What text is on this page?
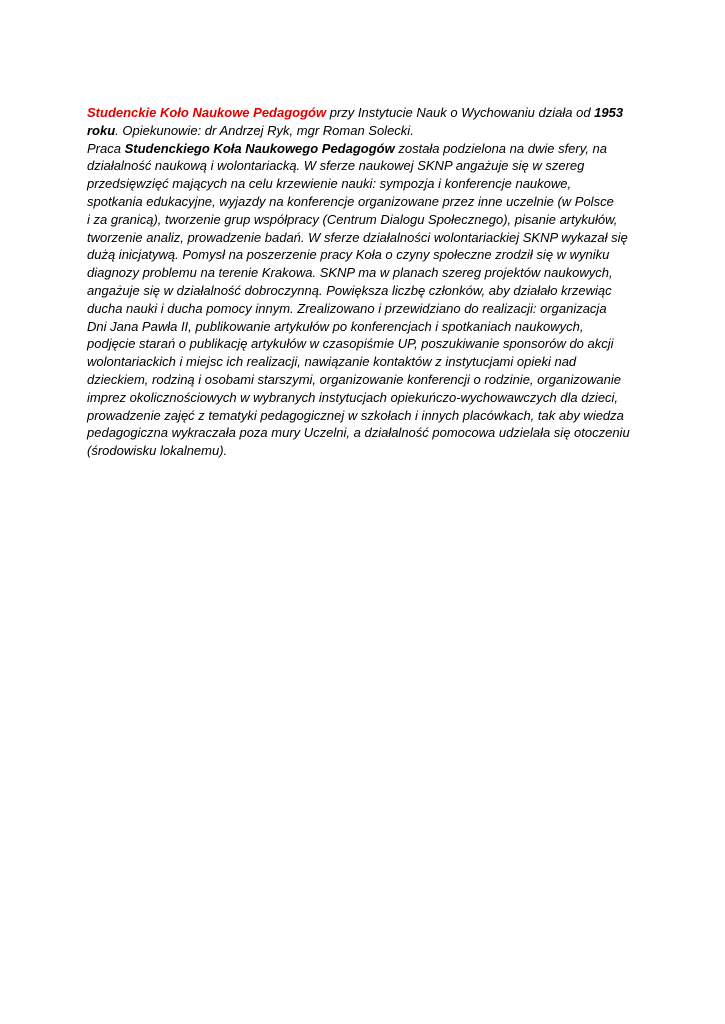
Studenckie Koło Naukowe Pedagogów przy Instytucie Nauk o Wychowaniu działa od 1953
roku. Opiekunowie: dr Andrzej Ryk, mgr Roman Solecki.
Praca Studenckiego Koła Naukowego Pedagogów została podzielona na dwie sfery, na
działalność naukową i wolontariacką. W sferze naukowej SKNP angażuje się w szereg
przedsięwzięć mających na celu krzewienie nauki: sympozja i konferencje naukowe,
spotkania edukacyjne, wyjazdy na konferencje organizowane przez inne uczelnie (w Polsce
i za granicą), tworzenie grup współpracy (Centrum Dialogu Społecznego), pisanie artykułów,
tworzenie analiz, prowadzenie badań. W sferze działalności wolontariackiej SKNP wykazał się
dużą inicjatywą. Pomysł na poszerzenie pracy Koła o czyny społeczne zrodził się w wyniku
diagnozy problemu na terenie Krakowa. SKNP ma w planach szereg projektów naukowych,
angażuje się w działalność dobroczynną. Powiększa liczbę członków, aby działało krzewiąc
ducha nauki i ducha pomocy innym. Zrealizowano i przewidziano do realizacji: organizacja
Dni Jana Pawła II, publikowanie artykułów po konferencjach i spotkaniach naukowych,
podjęcie starań o publikację artykułów w czasopiśmie UP, poszukiwanie sponsorów do akcji
wolontariackich i miejsc ich realizacji, nawiązanie kontaktów z instytucjami opieki nad
dzieckiem, rodziną i osobami starszymi, organizowanie konferencji o rodzinie, organizowanie
imprez okolicznościowych w wybranych instytucjach opiekuńczo-wychowawczych dla dzieci,
prowadzenie zajęć z tematyki pedagogicznej w szkołach i innych placówkach, tak aby wiedza
pedagogiczna wykraczała poza mury Uczelni, a działalność pomocowa udzielała się otoczeniu
(środowisku lokalnemu).
